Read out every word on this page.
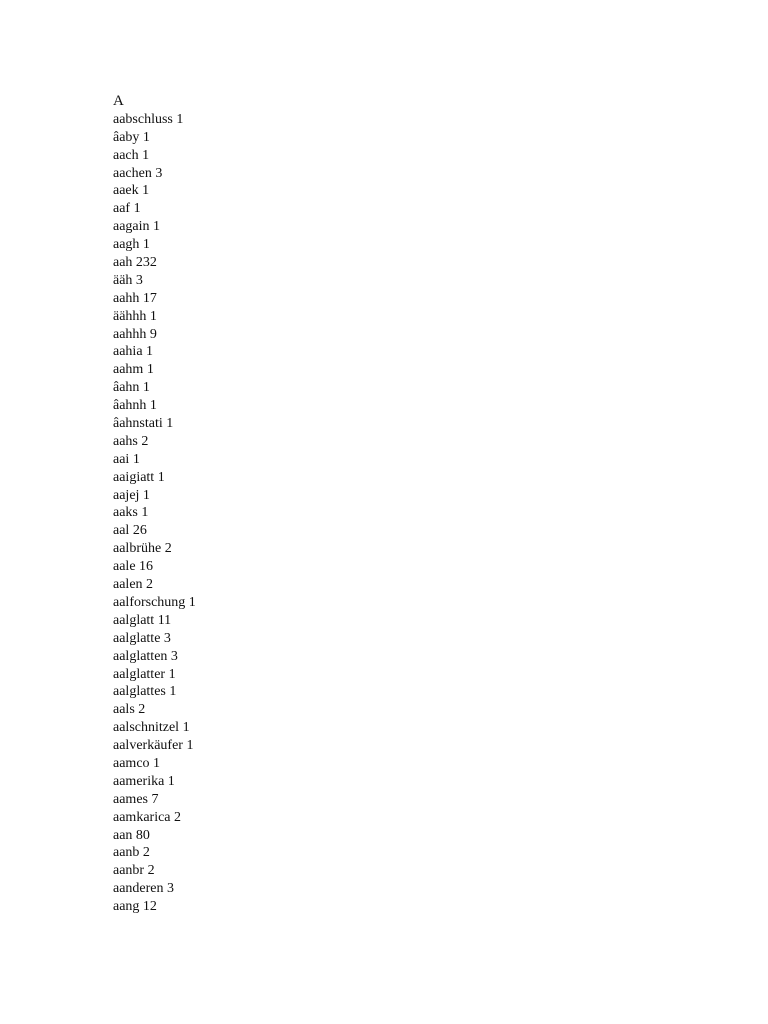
A
aabschluss 1
âaby 1
aach 1
aachen 3
aaek 1
aaf 1
aagain 1
aagh 1
aah 232
ääh 3
aahh 17
äähhh 1
aahhh 9
aahia 1
aahm 1
âahn 1
âahnh 1
âahnstati 1
aahs 2
aai 1
aaigiatt 1
aajej 1
aaks 1
aal 26
aalbrühe 2
aale 16
aalen 2
aalforschung 1
aalglatt 11
aalglatte 3
aalglatten 3
aalglatter 1
aalglattes 1
aals 2
aalschnitzel 1
aalverkäufer 1
aamco 1
aamerika 1
aames 7
aamkarica 2
aan 80
aanb 2
aanbr 2
aanderen 3
aang 12
